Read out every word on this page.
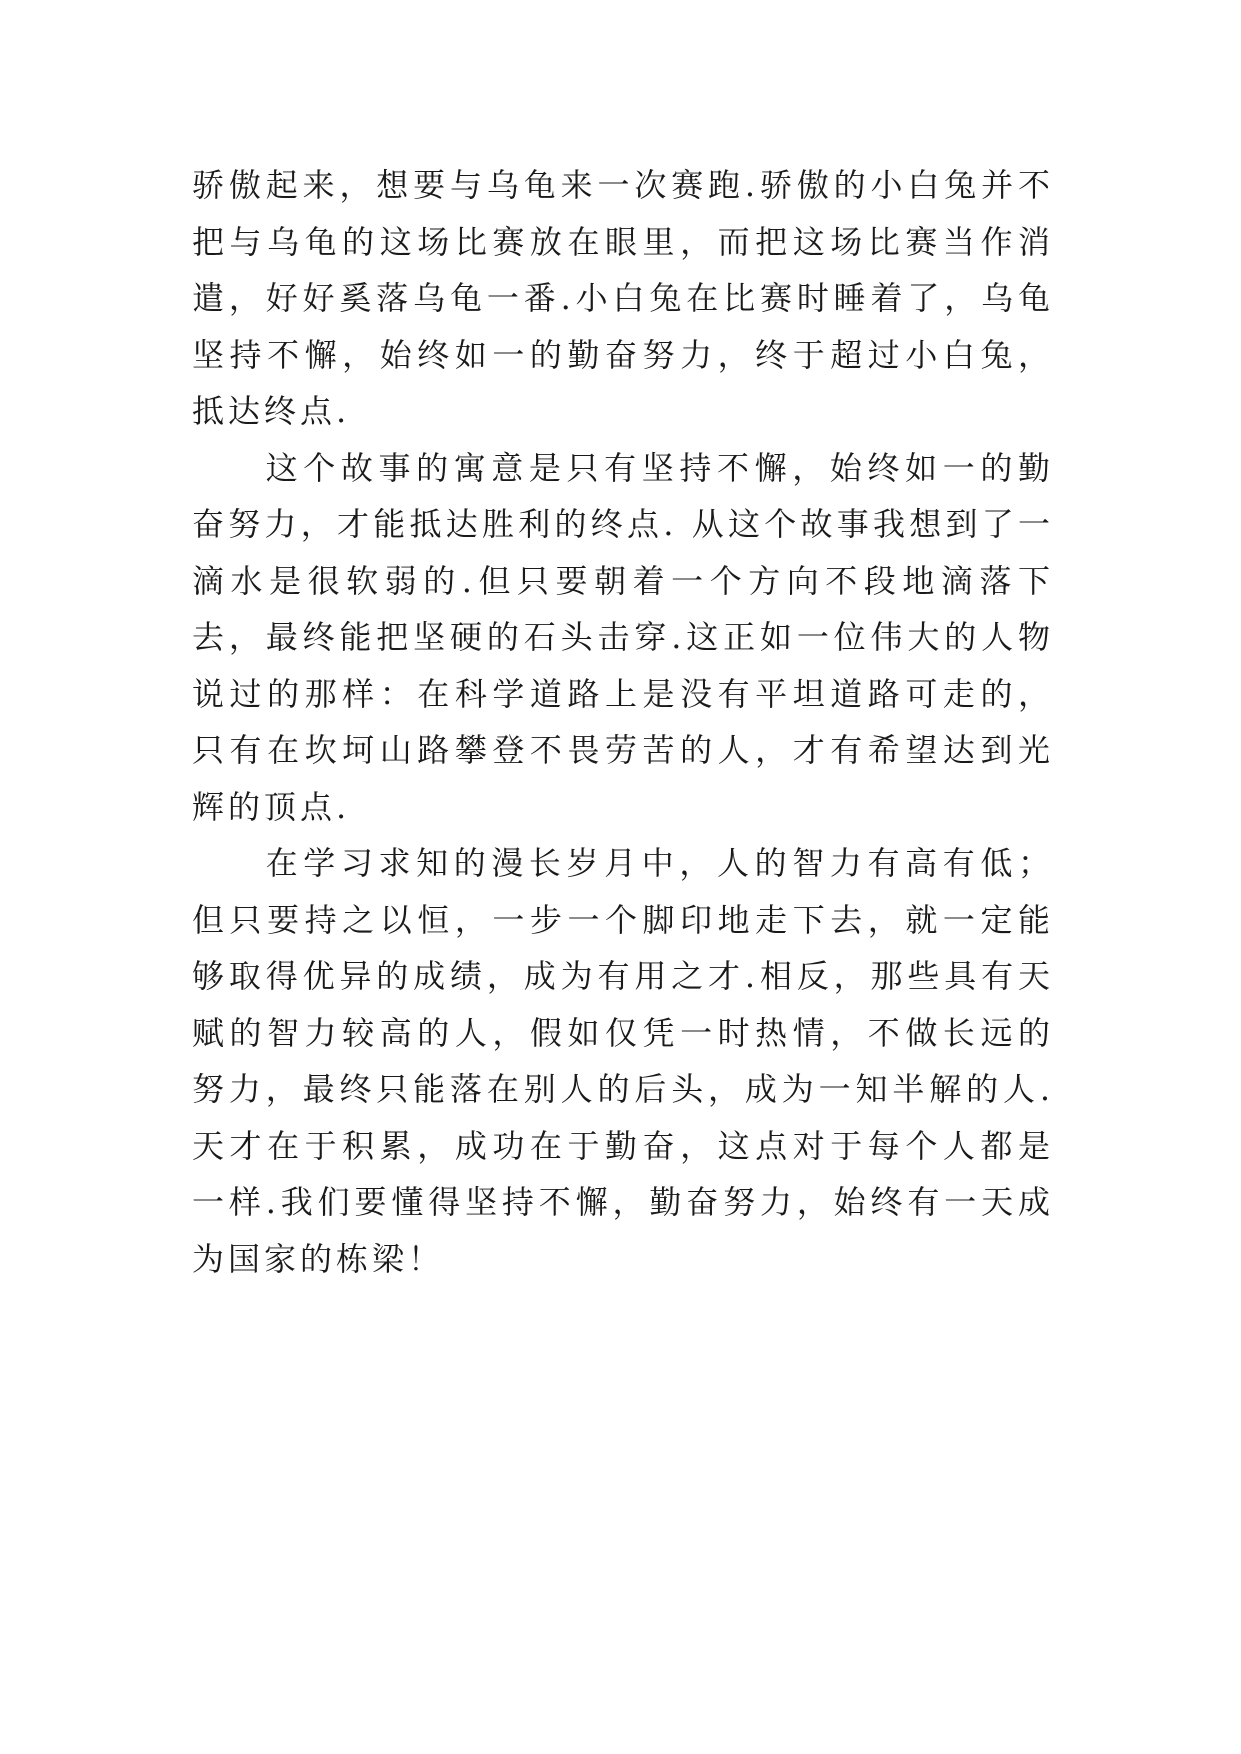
骄傲起来，想要与乌龟来一次赛跑.骄傲的小白兔并不把与乌龟的这场比赛放在眼里，而把这场比赛当作消遣，好好奚落乌龟一番.小白兔在比赛时睡着了，乌龟坚持不懈，始终如一的勤奋努力，终于超过小白兔，抵达终点.

这个故事的寓意是只有坚持不懈，始终如一的勤奋努力，才能抵达胜利的终点. 从这个故事我想到了一滴水是很软弱的.但只要朝着一个方向不段地滴落下去，最终能把坚硬的石头击穿.这正如一位伟大的人物说过的那样：在科学道路上是没有平坦道路可走的，只有在坎坷山路攀登不畏劳苦的人，才有希望达到光辉的顶点.

在学习求知的漫长岁月中，人的智力有高有低；但只要持之以恒，一步一个脚印地走下去，就一定能够取得优异的成绩，成为有用之才.相反，那些具有天赋的智力较高的人，假如仅凭一时热情，不做长远的努力，最终只能落在别人的后头，成为一知半解的人.天才在于积累，成功在于勤奋，这点对于每个人都是一样.我们要懂得坚持不懈，勤奋努力，始终有一天成为国家的栋梁！
